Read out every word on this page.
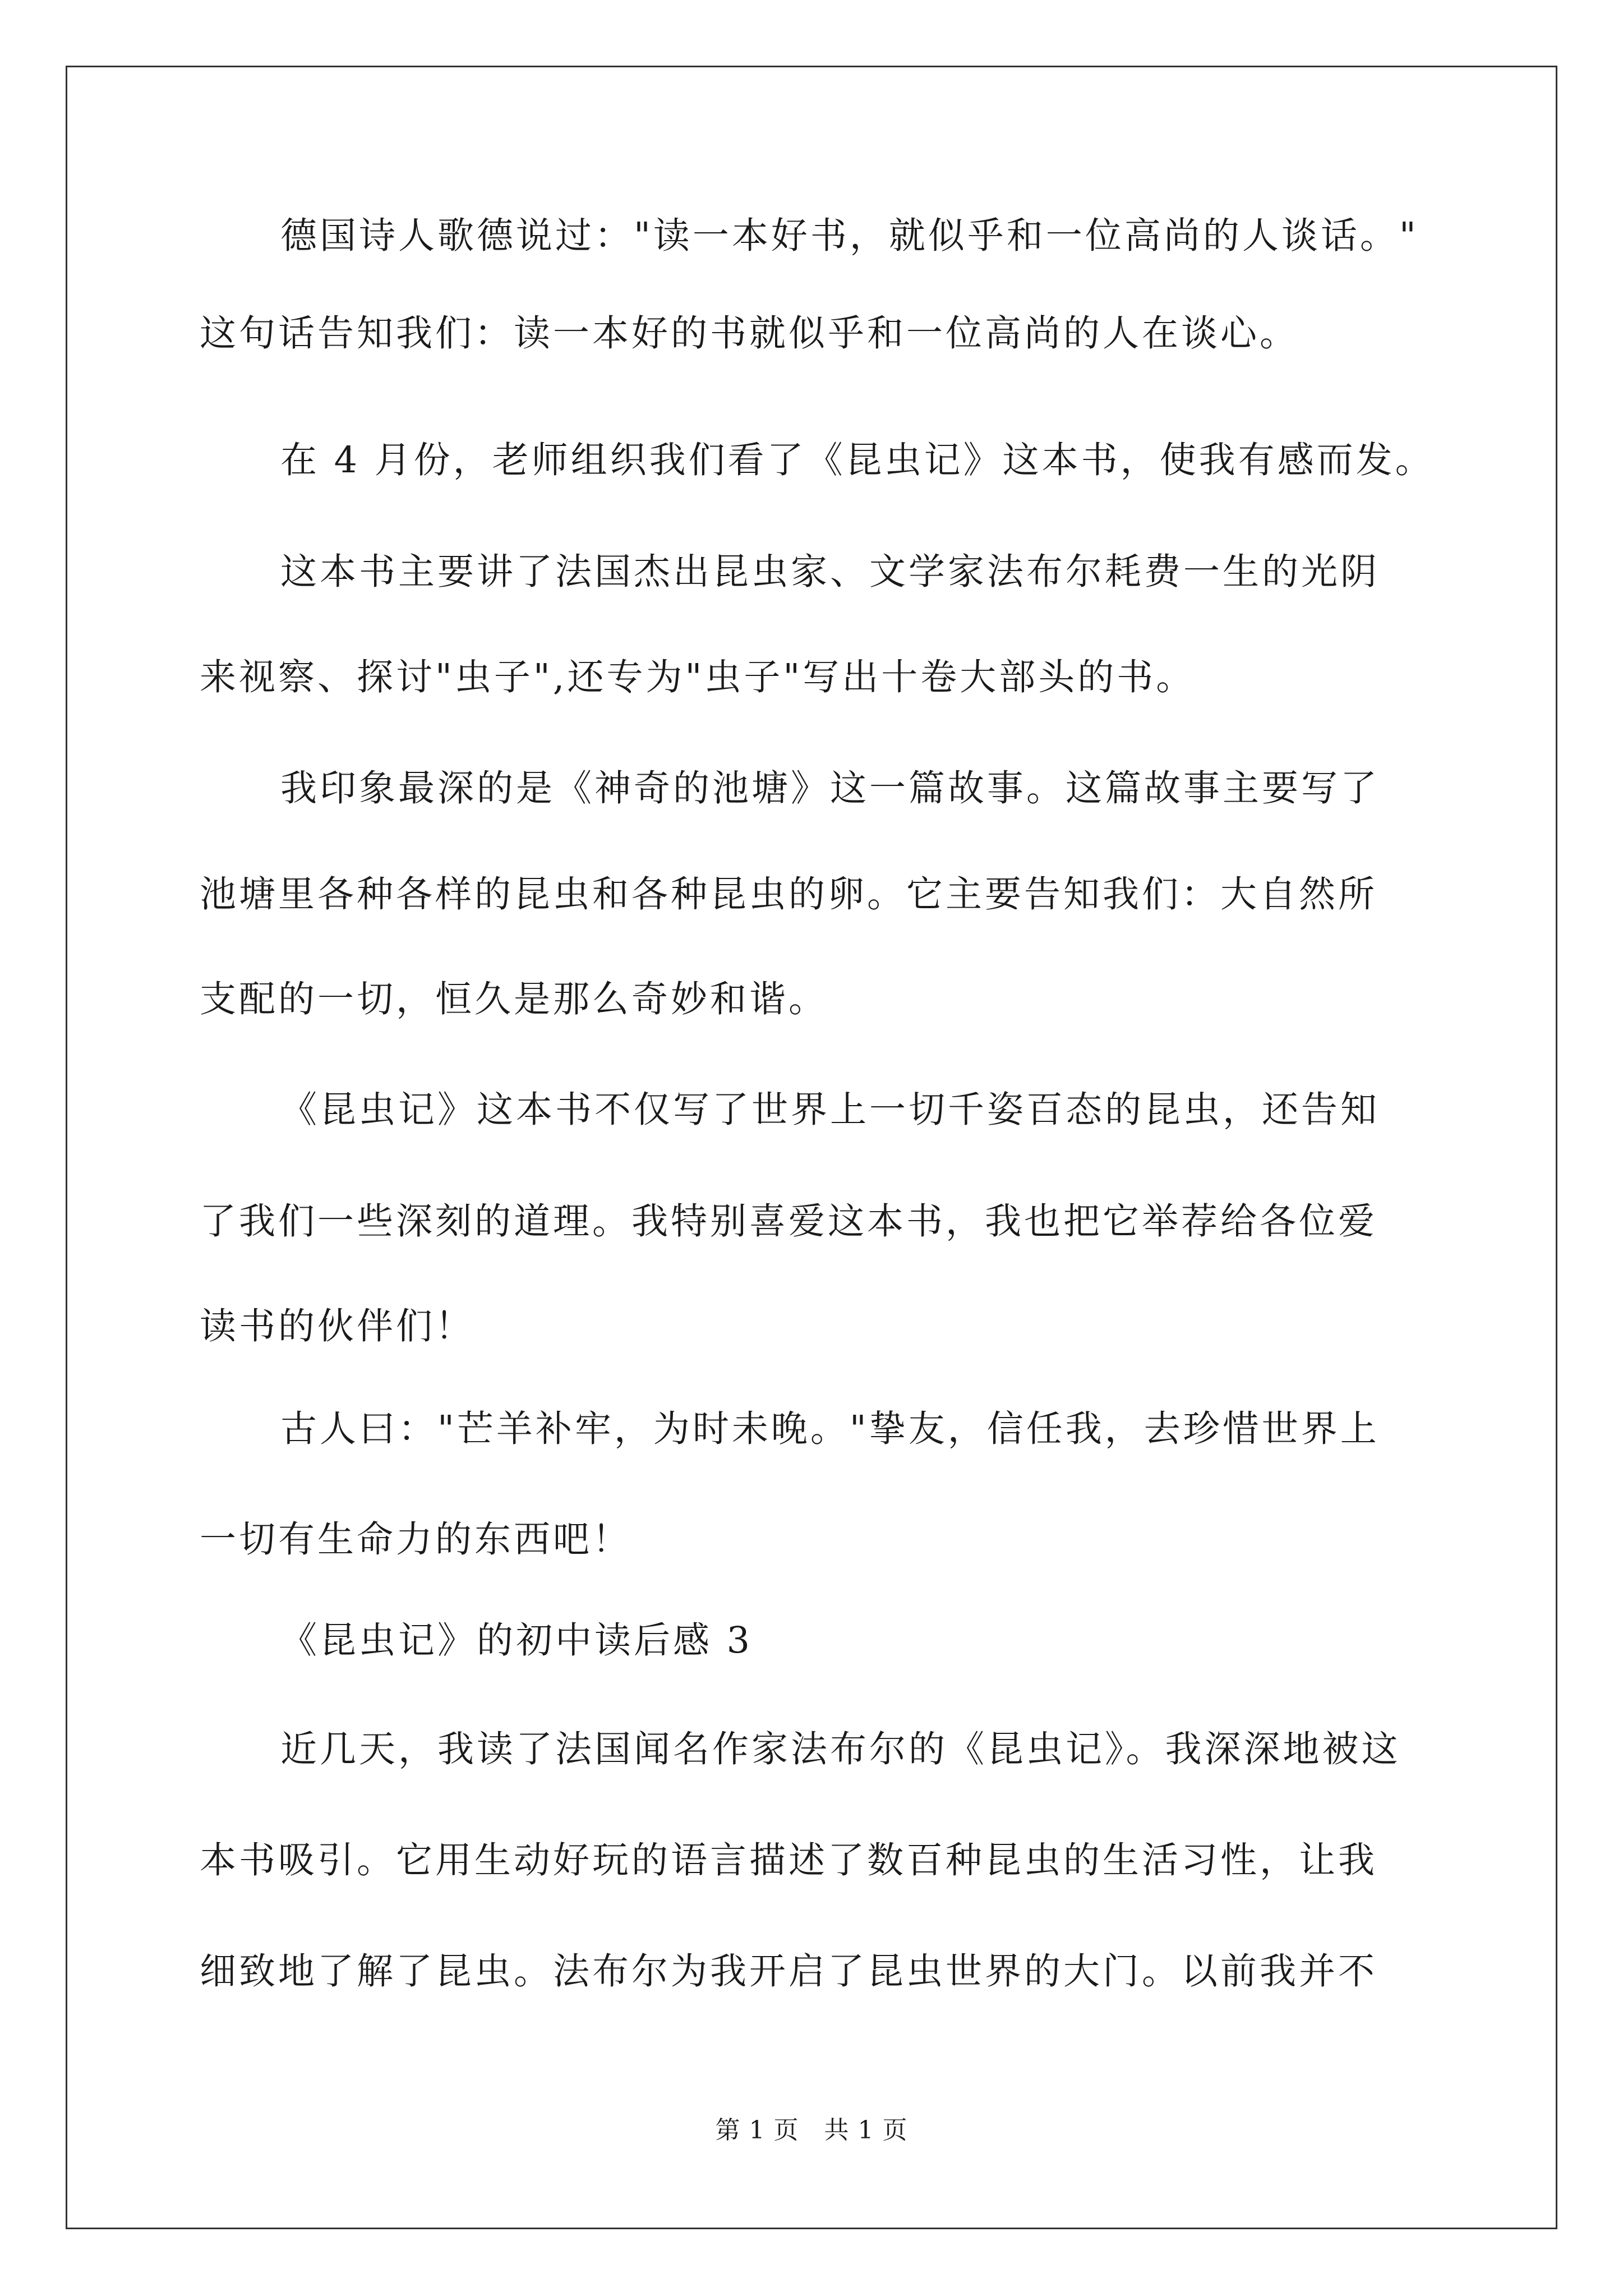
德国诗人歌德说过："读一本好书，就似乎和一位高尚的人谈话。"

这句话告知我们：读一本好的书就似乎和一位高尚的人在谈心。

在 4 月份，老师组织我们看了《昆虫记》这本书，使我有感而发。

这本书主要讲了法国杰出昆虫家、文学家法布尔耗费一生的光阴

来视察、探讨"虫子",还专为"虫子"写出十卷大部头的书。

我印象最深的是《神奇的池塘》这一篇故事。这篇故事主要写了

池塘里各种各样的昆虫和各种昆虫的卵。它主要告知我们：大自然所

支配的一切，恒久是那么奇妙和谐。

《昆虫记》这本书不仅写了世界上一切千姿百态的昆虫，还告知

了我们一些深刻的道理。我特别喜爱这本书，我也把它举荐给各位爱

读书的伙伴们！

古人曰："芒羊补牢，为时未晚。"挚友，信任我，去珍惜世界上

一切有生命力的东西吧！

《昆虫记》的初中读后感 3

近几天，我读了法国闻名作家法布尔的《昆虫记》。我深深地被这

本书吸引。它用生动好玩的语言描述了数百种昆虫的生活习性，让我

细致地了解了昆虫。法布尔为我开启了昆虫世界的大门。以前我并不

第 1 页   共 1 页
